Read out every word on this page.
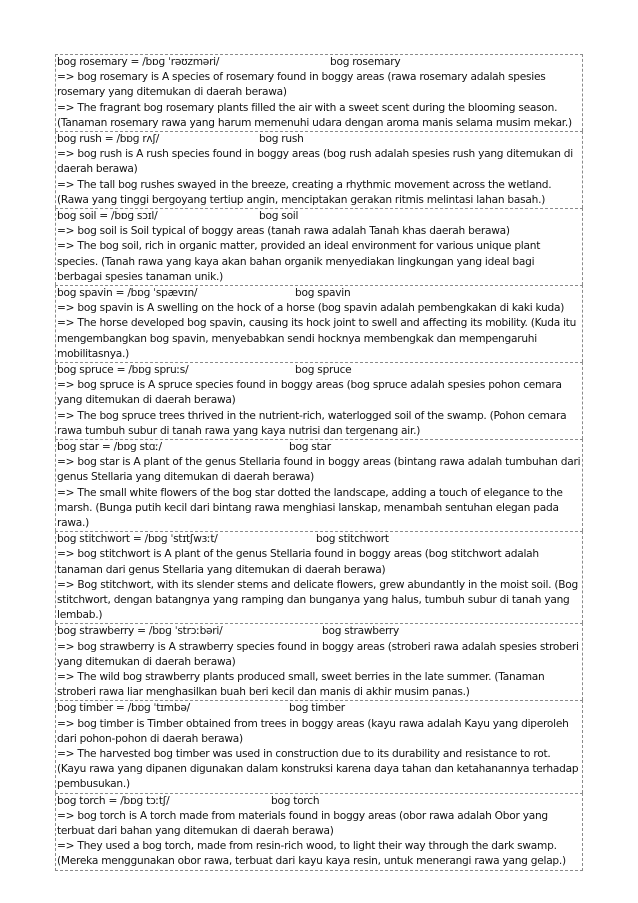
bog rosemary = /bɒɡ ˈrəʊzməri/	bog rosemary
=> bog rosemary is A species of rosemary found in boggy areas (rawa rosemary adalah spesies rosemary yang ditemukan di daerah berawa)
=> The fragrant bog rosemary plants filled the air with a sweet scent during the blooming season. (Tanaman rosemary rawa yang harum memenuhi udara dengan aroma manis selama musim mekar.)
bog rush = /bɒɡ rʌʃ/	bog rush
=> bog rush is A rush species found in boggy areas (bog rush adalah spesies rush yang ditemukan di daerah berawa)
=> The tall bog rushes swayed in the breeze, creating a rhythmic movement across the wetland. (Rawa yang tinggi bergoyang tertiup angin, menciptakan gerakan ritmis melintasi lahan basah.)
bog soil = /bɒɡ sɔɪl/	bog soil
=> bog soil is Soil typical of boggy areas (tanah rawa adalah Tanah khas daerah berawa)
=> The bog soil, rich in organic matter, provided an ideal environment for various unique plant species. (Tanah rawa yang kaya akan bahan organik menyediakan lingkungan yang ideal bagi berbagai spesies tanaman unik.)
bog spavin = /bɒɡ ˈspævɪn/	bog spavin
=> bog spavin is A swelling on the hock of a horse (bog spavin adalah pembengkakan di kaki kuda)
=> The horse developed bog spavin, causing its hock joint to swell and affecting its mobility. (Kuda itu mengembangkan bog spavin, menyebabkan sendi hocknya membengkak dan mempengaruhi mobilitasnya.)
bog spruce = /bɒɡ spruːs/	bog spruce
=> bog spruce is A spruce species found in boggy areas (bog spruce adalah spesies pohon cemara yang ditemukan di daerah berawa)
=> The bog spruce trees thrived in the nutrient-rich, waterlogged soil of the swamp. (Pohon cemara rawa tumbuh subur di tanah rawa yang kaya nutrisi dan tergenang air.)
bog star = /bɒɡ stɑː/	bog star
=> bog star is A plant of the genus Stellaria found in boggy areas (bintang rawa adalah tumbuhan dari genus Stellaria yang ditemukan di daerah berawa)
=> The small white flowers of the bog star dotted the landscape, adding a touch of elegance to the marsh. (Bunga putih kecil dari bintang rawa menghiasi lanskap, menambah sentuhan elegan pada rawa.)
bog stitchwort = /bɒɡ ˈstɪtʃwɜːt/	bog stitchwort
=> bog stitchwort is A plant of the genus Stellaria found in boggy areas (bog stitchwort adalah tanaman dari genus Stellaria yang ditemukan di daerah berawa)
=> Bog stitchwort, with its slender stems and delicate flowers, grew abundantly in the moist soil. (Bog stitchwort, dengan batangnya yang ramping dan bunganya yang halus, tumbuh subur di tanah yang lembab.)
bog strawberry = /bɒɡ ˈstrɔːbəri/	bog strawberry
=> bog strawberry is A strawberry species found in boggy areas (stroberi rawa adalah spesies stroberi yang ditemukan di daerah berawa)
=> The wild bog strawberry plants produced small, sweet berries in the late summer. (Tanaman stroberi rawa liar menghasilkan buah beri kecil dan manis di akhir musim panas.)
bog timber = /bɒɡ ˈtɪmbə/	bog timber
=> bog timber is Timber obtained from trees in boggy areas (kayu rawa adalah Kayu yang diperoleh dari pohon-pohon di daerah berawa)
=> The harvested bog timber was used in construction due to its durability and resistance to rot. (Kayu rawa yang dipanen digunakan dalam konstruksi karena daya tahan dan ketahanannya terhadap pembusukan.)
bog torch = /bɒɡ tɔːtʃ/	bog torch
=> bog torch is A torch made from materials found in boggy areas (obor rawa adalah Obor yang terbuat dari bahan yang ditemukan di daerah berawa)
=> They used a bog torch, made from resin-rich wood, to light their way through the dark swamp. (Mereka menggunakan obor rawa, terbuat dari kayu kaya resin, untuk menerangi rawa yang gelap.)
